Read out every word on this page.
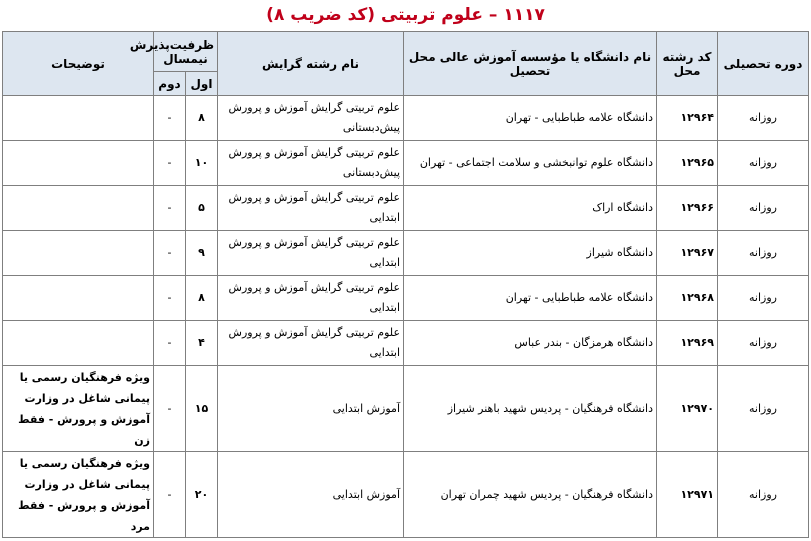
۱۱۱۷ – علوم تربیتی (کد ضریب ۸)
دوره تحصیلی	کد رشته محل	نام دانشگاه یا مؤسسه آموزش عالی محل تحصیل	نام رشته گرایش	ظرفیت‌پذیرش نیمسال		توضیحات
				اول	دوم	
روزانه	۱۲۹۶۴	دانشگاه علامه طباطبایی - تهران	علوم تربیتی گرایش آموزش و پرورش پیش‌دبستانی	۸	-	
روزانه	۱۲۹۶۵	دانشگاه علوم توانبخشی و سلامت اجتماعی - تهران	علوم تربیتی گرایش آموزش و پرورش پیش‌دبستانی	۱۰	-	
روزانه	۱۲۹۶۶	دانشگاه اراک	علوم تربیتی گرایش آموزش و پرورش ابتدایی	۵	-	
روزانه	۱۲۹۶۷	دانشگاه شیراز	علوم تربیتی گرایش آموزش و پرورش ابتدایی	۹	-	
روزانه	۱۲۹۶۸	دانشگاه علامه طباطبایی - تهران	علوم تربیتی گرایش آموزش و پرورش ابتدایی	۸	-	
روزانه	۱۲۹۶۹	دانشگاه هرمزگان - بندر عباس	علوم تربیتی گرایش آموزش و پرورش ابتدایی	۴	-	
روزانه	۱۲۹۷۰	دانشگاه فرهنگیان - پردیس شهید باهنر شیراز	آموزش ابتدایی	۱۵	-	ویژه فرهنگیان رسمی یا پیمانی شاغل در وزارت آموزش و پرورش - فقط زن
روزانه	۱۲۹۷۱	دانشگاه فرهنگیان - پردیس شهید چمران تهران	آموزش ابتدایی	۲۰	-	ویژه فرهنگیان رسمی یا پیمانی شاغل در وزارت آموزش و پرورش - فقط مرد
